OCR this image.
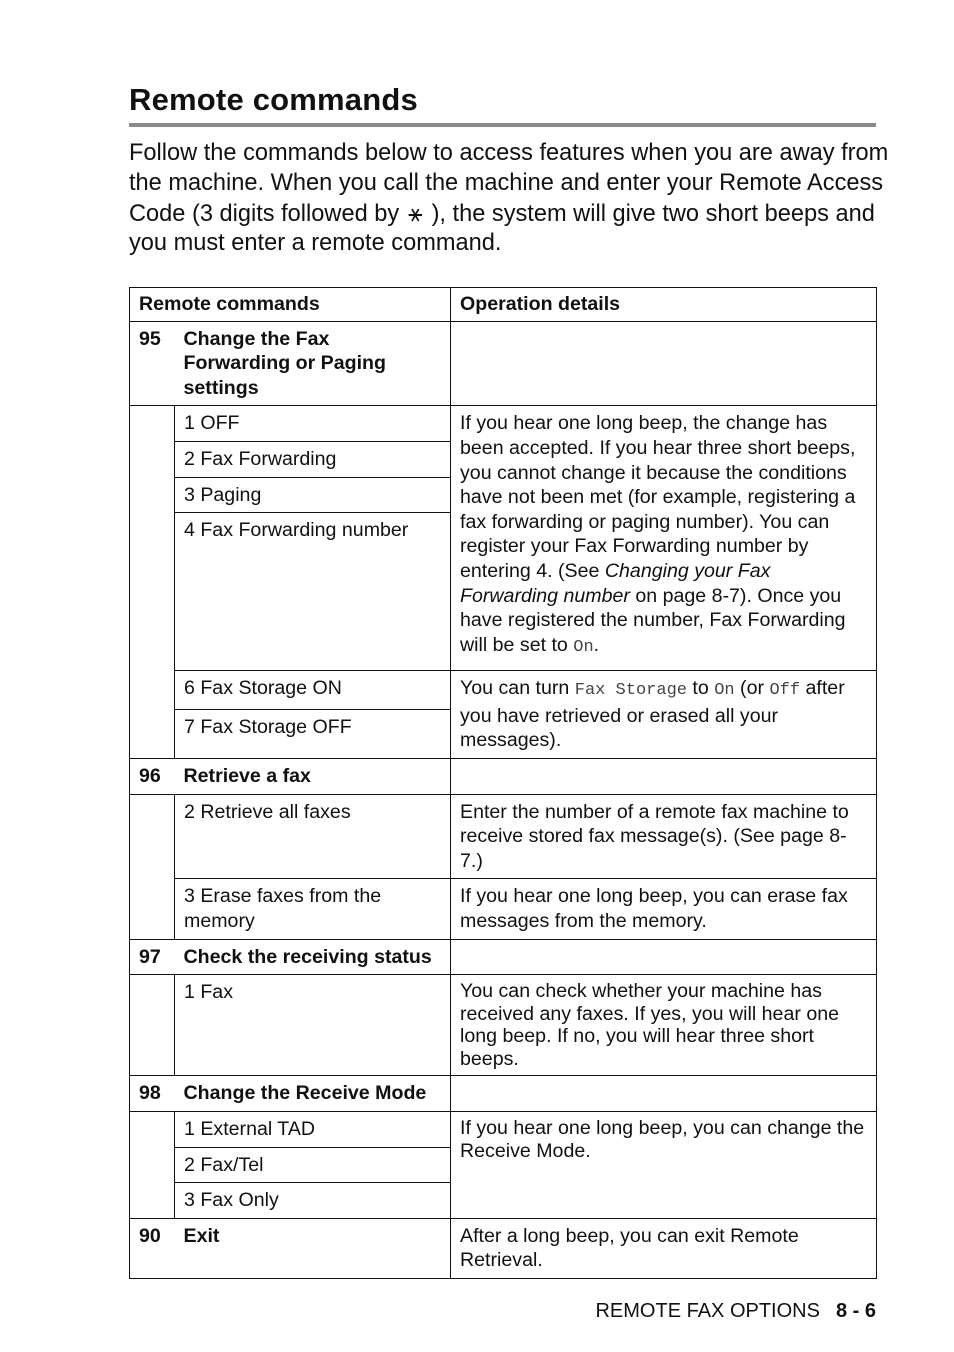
Remote commands

Follow the commands below to access features when you are away from the machine. When you call the machine and enter your Remote Access Code (3 digits followed by ⚹ ), the system will give two short beeps and you must enter a remote command.

Remote commands		Operation details
95	Change the Fax Forwarding or Paging settings	
	1 OFF	If you hear one long beep, the change has been accepted. If you hear three short beeps, you cannot change it because the conditions have not been met (for example, registering a fax forwarding or paging number). You can register your Fax Forwarding number by entering 4. (See Changing your Fax Forwarding number on page 8-7). Once you have registered the number, Fax Forwarding will be set to On.
	2 Fax Forwarding	
	3 Paging	
	4 Fax Forwarding number	
	6 Fax Storage ON	You can turn Fax Storage to On (or Off after you have retrieved or erased all your messages).
	7 Fax Storage OFF	
96	Retrieve a fax	
	2 Retrieve all faxes	Enter the number of a remote fax machine to receive stored fax message(s). (See page 8-7.)
	3 Erase faxes from the memory	If you hear one long beep, you can erase fax messages from the memory.
97	Check the receiving status	
	1 Fax	You can check whether your machine has received any faxes. If yes, you will hear one long beep. If no, you will hear three short beeps.
98	Change the Receive Mode	
	1 External TAD	If you hear one long beep, you can change the Receive Mode.
	2 Fax/Tel	
	3 Fax Only	
90	Exit	After a long beep, you can exit Remote Retrieval.
REMOTE FAX OPTIONS 8 - 6
